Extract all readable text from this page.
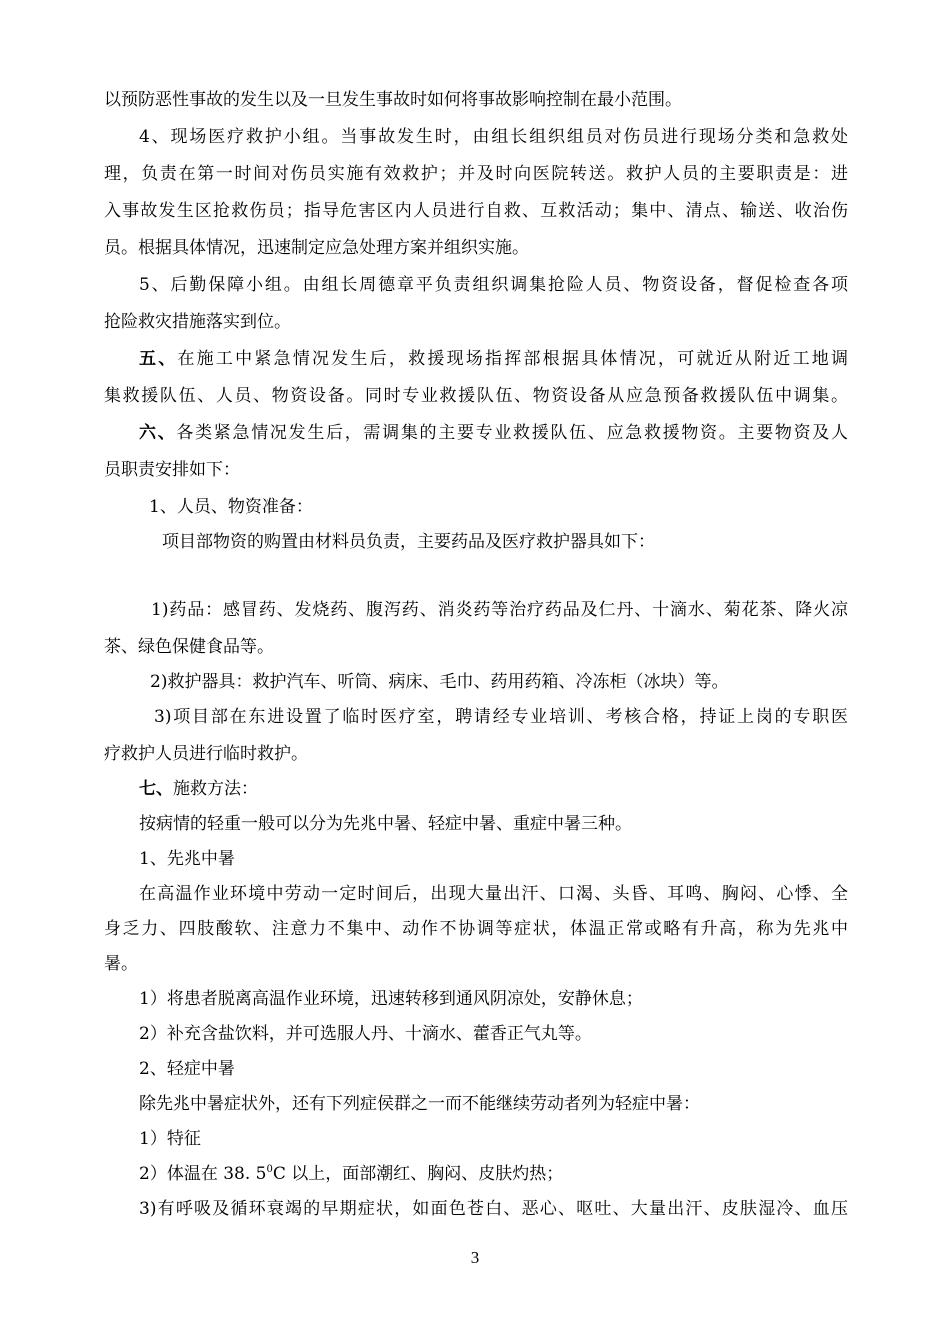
以预防恶性事故的发生以及一旦发生事故时如何将事故影响控制在最小范围。
4、现场医疗救护小组。当事故发生时，由组长组织组员对伤员进行现场分类和急救处
理，负责在第一时间对伤员实施有效救护；并及时向医院转送。救护人员的主要职责是：进
入事故发生区抢救伤员；指导危害区内人员进行自救、互救活动；集中、清点、输送、收治伤
员。根据具体情况，迅速制定应急处理方案并组织实施。
5、后勤保障小组。由组长周德章平负责组织调集抢险人员、物资设备，督促检查各项
抢险救灾措施落实到位。
五、在施工中紧急情况发生后，救援现场指挥部根据具体情况，可就近从附近工地调
集救援队伍、人员、物资设备。同时专业救援队伍、物资设备从应急预备救援队伍中调集。
六、各类紧急情况发生后，需调集的主要专业救援队伍、应急救援物资。主要物资及人
员职责安排如下：
1、人员、物资准备：
项目部物资的购置由材料员负责，主要药品及医疗救护器具如下：
1)药品：感冒药、发烧药、腹泻药、消炎药等治疗药品及仁丹、十滴水、菊花茶、降火凉
茶、绿色保健食品等。
2)救护器具：救护汽车、听筒、病床、毛巾、药用药箱、冷冻柜（冰块）等。
3)项目部在东进设置了临时医疗室，聘请经专业培训、考核合格，持证上岗的专职医
疗救护人员进行临时救护。
七、施救方法：
按病情的轻重一般可以分为先兆中暑、轻症中暑、重症中暑三种。
1、先兆中暑
在高温作业环境中劳动一定时间后，出现大量出汗、口渴、头昏、耳鸣、胸闷、心悸、全
身乏力、四肢酸软、注意力不集中、动作不协调等症状，体温正常或略有升高，称为先兆中
暑。
1）将患者脱离高温作业环境，迅速转移到通风阴凉处，安静休息；
2）补充含盐饮料，并可选服人丹、十滴水、藿香正气丸等。
2、轻症中暑
除先兆中暑症状外，还有下列症侯群之一而不能继续劳动者列为轻症中暑：
1）特征
2）体温在 38. $5^0C$ 以上，面部潮红、胸闷、皮肤灼热；
3)有呼吸及循环衰竭的早期症状，如面色苍白、恶心、呕吐、大量出汗、皮肤湿冷、血压
3
